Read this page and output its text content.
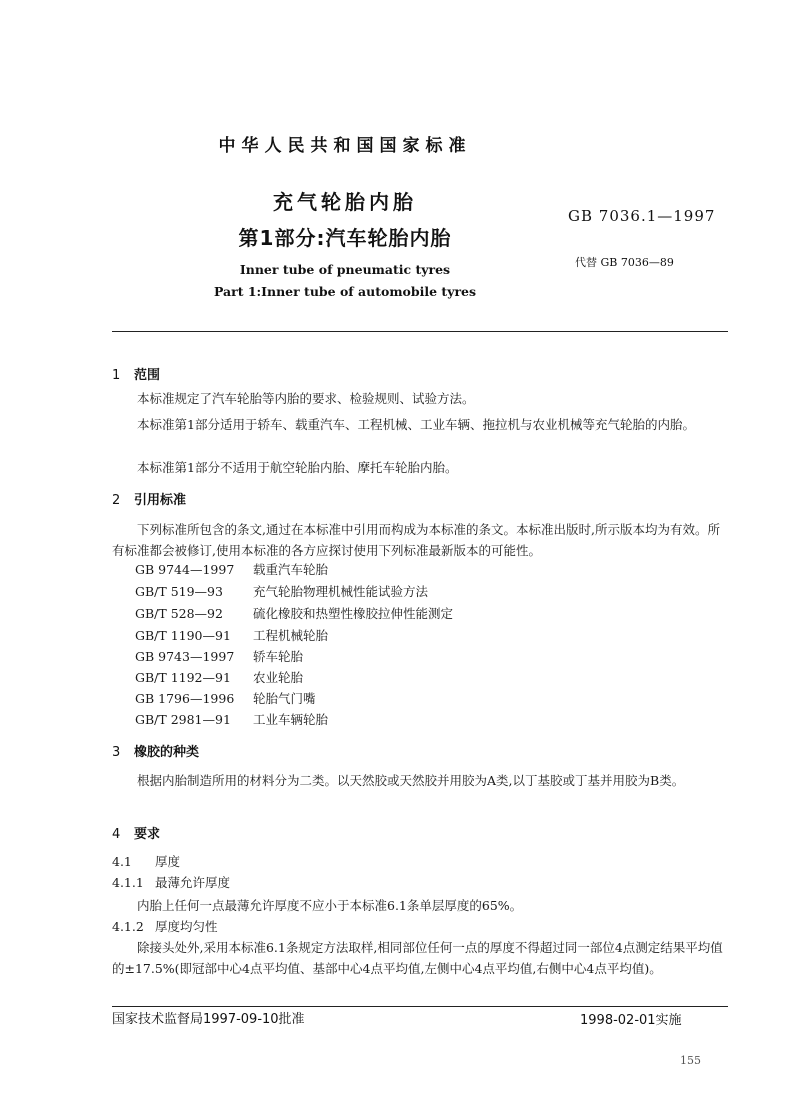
中华人民共和国国家标准
充气轮胎内胎
第1部分:汽车轮胎内胎
GB 7036.1—1997
代替 GB 7036—89
Inner tube of pneumatic tyres
Part 1:Inner tube of automobile tyres
1 范围
本标准规定了汽车轮胎等内胎的要求、检验规则、试验方法。
本标准第1部分适用于轿车、载重汽车、工程机械、工业车辆、拖拉机与农业机械等充气轮胎的内胎。
本标准第1部分不适用于航空轮胎内胎、摩托车轮胎内胎。
2 引用标准
下列标准所包含的条文,通过在本标准中引用而构成为本标准的条文。本标准出版时,所示版本均为有效。所有标准都会被修订,使用本标准的各方应探讨使用下列标准最新版本的可能性。
GB 9744—1997 载重汽车轮胎
GB/T 519—93 充气轮胎物理机械性能试验方法
GB/T 528—92 硫化橡胶和热塑性橡胶拉伸性能测定
GB/T 1190—91 工程机械轮胎
GB 9743—1997 轿车轮胎
GB/T 1192—91 农业轮胎
GB 1796—1996 轮胎气门嘴
GB/T 2981—91 工业车辆轮胎
3 橡胶的种类
根据内胎制造所用的材料分为二类。以天然胶或天然胶并用胶为A类,以丁基胶或丁基并用胶为B类。
4 要求
4.1 厚度
4.1.1 最薄允许厚度
内胎上任何一点最薄允许厚度不应小于本标准6.1条单层厚度的65%。
4.1.2 厚度均匀性
除接头处外,采用本标准6.1条规定方法取样,相同部位任何一点的厚度不得超过同一部位4点测定结果平均值的±17.5%(即冠部中心4点平均值、基部中心4点平均值,左侧中心4点平均值,右侧中心4点平均值)。
国家技术监督局1997-09-10批准	1998-02-01实施
155
